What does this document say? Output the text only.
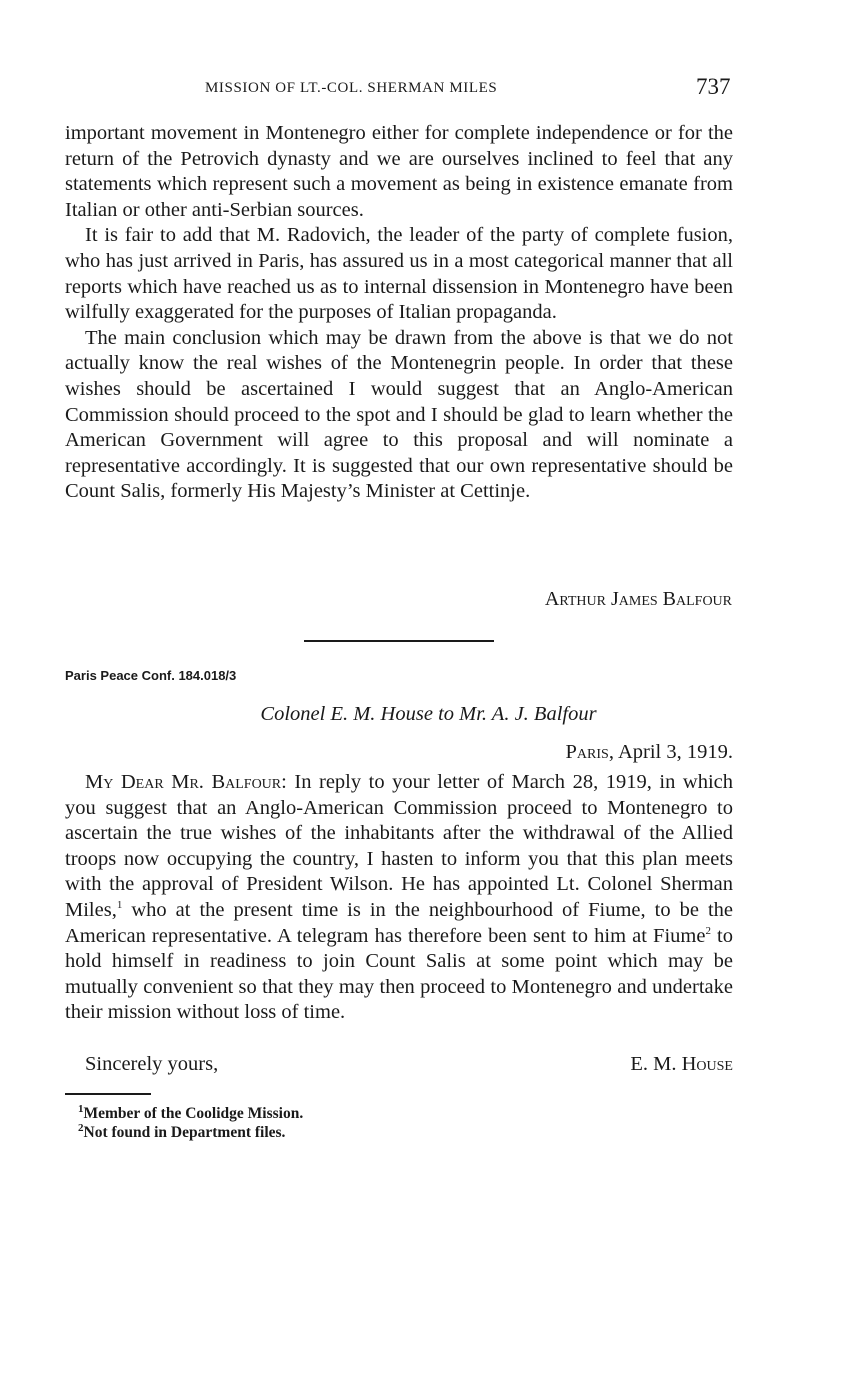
MISSION OF LT.-COL. SHERMAN MILES	737

important movement in Montenegro either for complete independence or for the return of the Petrovich dynasty and we are ourselves inclined to feel that any statements which represent such a movement as being in existence emanate from Italian or other anti-Serbian sources.

It is fair to add that M. Radovich, the leader of the party of complete fusion, who has just arrived in Paris, has assured us in a most categorical manner that all reports which have reached us as to internal dissension in Montenegro have been wilfully exaggerated for the purposes of Italian propaganda.

The main conclusion which may be drawn from the above is that we do not actually know the real wishes of the Montenegrin people. In order that these wishes should be ascertained I would suggest that an Anglo-American Commission should proceed to the spot and I should be glad to learn whether the American Government will agree to this proposal and will nominate a representative accordingly. It is suggested that our own representative should be Count Salis, formerly His Majesty’s Minister at Cettinje.

Arthur James Balfour
Paris Peace Conf. 184.018/3
Colonel E. M. House to Mr. A. J. Balfour
Paris, April 3, 1919.

My Dear Mr. Balfour: In reply to your letter of March 28, 1919, in which you suggest that an Anglo-American Commission proceed to Montenegro to ascertain the true wishes of the inhabitants after the withdrawal of the Allied troops now occupying the country, I hasten to inform you that this plan meets with the approval of President Wilson. He has appointed Lt. Colonel Sherman Miles,$^1$ who at the present time is in the neighbourhood of Fiume, to be the American representative. A telegram has therefore been sent to him at Fiume$^2$ to hold himself in readiness to join Count Salis at some point which may be mutually convenient so that they may then proceed to Montenegro and undertake their mission without loss of time.

Sincerely yours,	E. M. House
$^1$Member of the Coolidge Mission.
$^2$Not found in Department files.
